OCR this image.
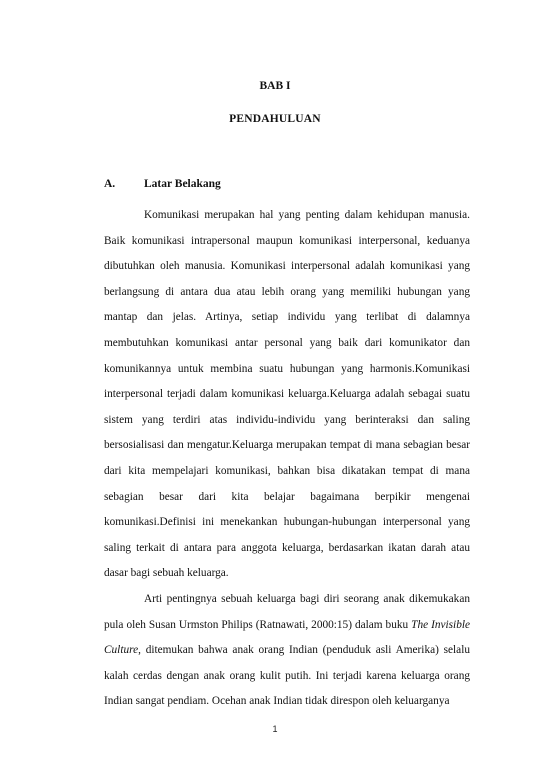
BAB I
PENDAHULUAN
A.	Latar Belakang

Komunikasi merupakan hal yang penting dalam kehidupan manusia. Baik komunikasi intrapersonal maupun komunikasi interpersonal, keduanya dibutuhkan oleh manusia. Komunikasi interpersonal adalah komunikasi yang berlangsung di antara dua atau lebih orang yang memiliki hubungan yang mantap dan jelas. Artinya, setiap individu yang terlibat di dalamnya membutuhkan komunikasi antar personal yang baik dari komunikator dan komunikannya untuk membina suatu hubungan yang harmonis.Komunikasi interpersonal terjadi dalam komunikasi keluarga.Keluarga adalah sebagai suatu sistem yang terdiri atas individu-individu yang berinteraksi dan saling bersosialisasi dan mengatur.Keluarga merupakan tempat di mana sebagian besar dari kita mempelajari komunikasi, bahkan bisa dikatakan tempat di mana sebagian besar dari kita belajar bagaimana berpikir mengenai komunikasi.Definisi ini menekankan hubungan-hubungan interpersonal yang saling terkait di antara para anggota keluarga, berdasarkan ikatan darah atau dasar bagi sebuah keluarga.

Arti pentingnya sebuah keluarga bagi diri seorang anak dikemukakan pula oleh Susan Urmston Philips (Ratnawati, 2000:15) dalam buku The Invisible Culture, ditemukan bahwa anak orang Indian (penduduk asli Amerika) selalu kalah cerdas dengan anak orang kulit putih. Ini terjadi karena keluarga orang Indian sangat pendiam. Ocehan anak Indian tidak direspon oleh keluarganya

1
